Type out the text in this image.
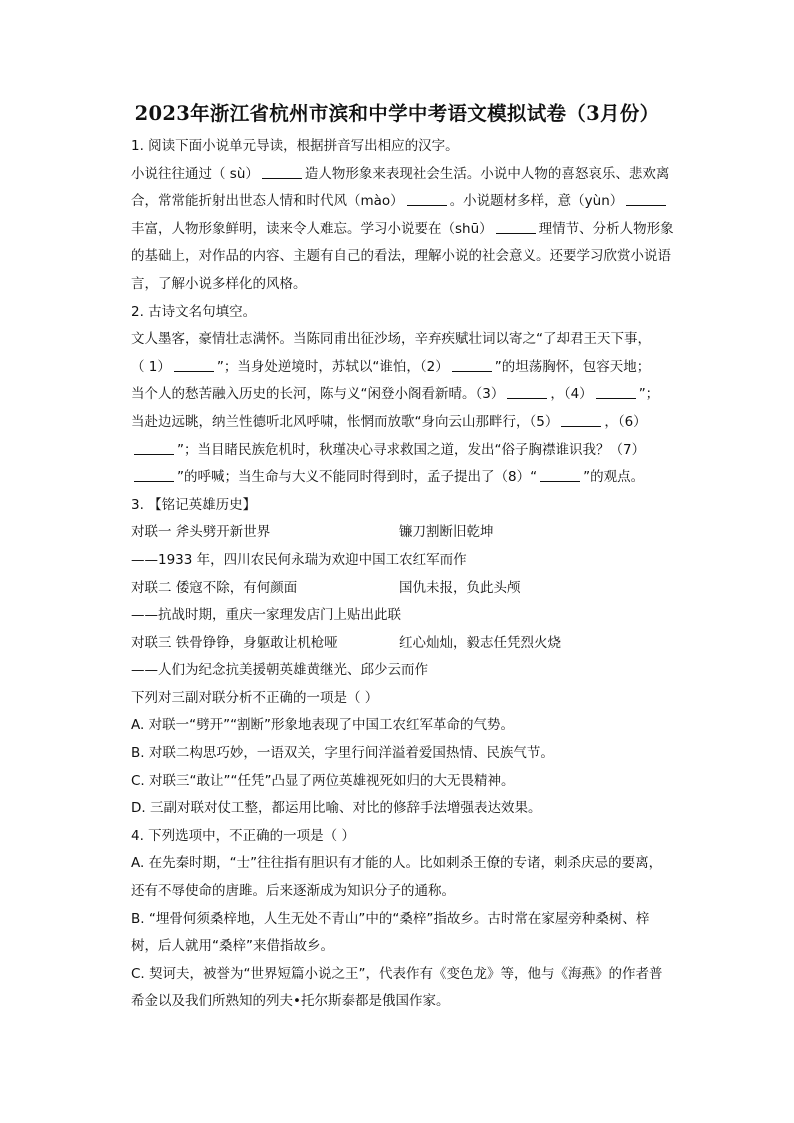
2023年浙江省杭州市滨和中学中考语文模拟试卷（3月份）
1. 阅读下面小说单元导读，根据拼音写出相应的汉字。
小说往往通过（ sù）	造人物形象来表现社会生活。小说中人物的喜怒哀乐、悲欢离
合，常常能折射出世态人情和时代风（mào）	。小说题材多样，意（yùn）
丰富，人物形象鲜明，读来令人难忘。学习小说要在（shū）	理情节、分析人物形象
的基础上，对作品的内容、主题有自己的看法，理解小说的社会意义。还要学习欣赏小说语
言，了解小说多样化的风格。
2. 古诗文名句填空。
文人墨客，豪情壮志满怀。当陈同甫出征沙场，辛弃疾赋壮词以寄之“了却君王天下事，
（ 1）	”；当身处逆境时，苏轼以“谁怕，（2）	”的坦荡胸怀，包容天地；
当个人的愁苦融入历史的长河，陈与义“闲登小阁看新晴。（3）	，（4）	”；
当赴边远眺，纳兰性德听北风呼啸，怅惘而放歌“身向云山那畔行，（5）	，（6）
”；当目睹民族危机时，秋瑾决心寻求救国之道，发出“俗子胸襟谁识我？（7）
”的呼喊；当生命与大义不能同时得到时，孟子提出了（8）“	”的观点。
3. 【铭记英雄历史】
对联一 斧头劈开新世界	镰刀割断旧乾坤
——1933 年，四川农民何永瑞为欢迎中国工农红军而作
对联二 倭寇不除，有何颜面	国仇未报，负此头颅
——抗战时期，重庆一家理发店门上贴出此联
对联三 铁骨铮铮，身躯敢让机枪哑	红心灿灿，毅志任凭烈火烧
——人们为纪念抗美援朝英雄黄继光、邱少云而作
下列对三副对联分析不正确的一项是（ ）
A. 对联一“劈开”“割断”形象地表现了中国工农红军革命的气势。
B. 对联二构思巧妙，一语双关，字里行间洋溢着爱国热情、民族气节。
C. 对联三“敢让”“任凭”凸显了两位英雄视死如归的大无畏精神。
D. 三副对联对仗工整，都运用比喻、对比的修辞手法增强表达效果。
4. 下列选项中，不正确的一项是（ ）
A. 在先秦时期，“士”往往指有胆识有才能的人。比如刺杀王僚的专诸，刺杀庆忌的要离，
还有不辱使命的唐雎。后来逐渐成为知识分子的通称。
B. “埋骨何须桑梓地，人生无处不青山”中的“桑梓”指故乡。古时常在家屋旁种桑树、梓
树，后人就用“桑梓”来借指故乡。
C. 契诃夫，被誉为“世界短篇小说之王”，代表作有《变色龙》等，他与《海燕》的作者普
希金以及我们所熟知的列夫•托尔斯泰都是俄国作家。
